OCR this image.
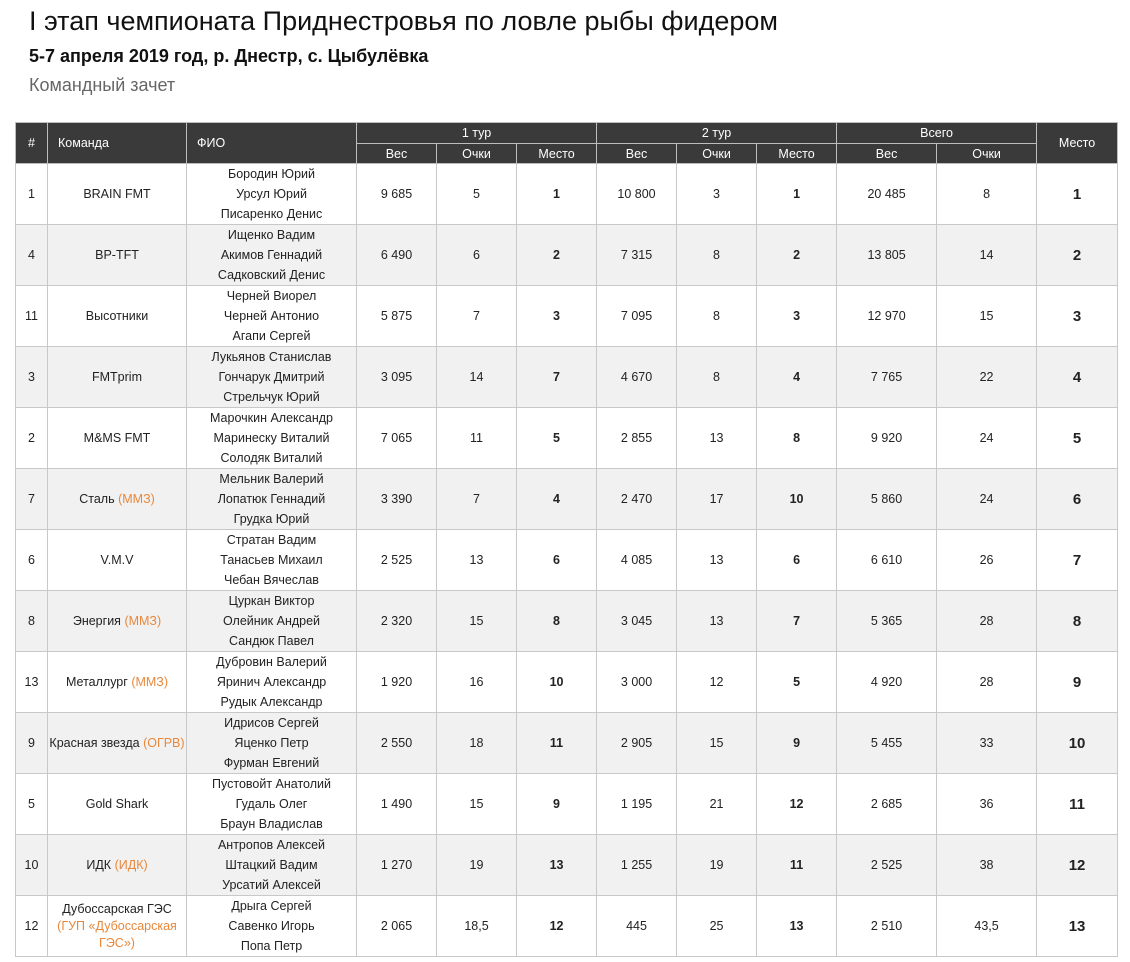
I этап чемпионата Приднестровья по ловле рыбы фидером
5-7 апреля 2019 год, р. Днестр, с. Цыбулёвка
Командный зачет
#	Команда	ФИО	1 тур			2 тур			Всего		Место
			Вес	Очки	Место	Вес	Очки	Место	Вес	Очки	
1	BRAIN FMT	Бородин Юрий
Урсул Юрий
Писаренко Денис	9 685	5	1	10 800	3	1	20 485	8	1
4	BP-TFT	Ищенко Вадим
Акимов Геннадий
Садковский Денис	6 490	6	2	7 315	8	2	13 805	14	2
11	Высотники	Черней Виорел
Черней Антонио
Агапи Сергей	5 875	7	3	7 095	8	3	12 970	15	3
3	FMTprim	Лукьянов Станислав
Гончарук Дмитрий
Стрельчук Юрий	3 095	14	7	4 670	8	4	7 765	22	4
2	M&MS FMT	Марочкин Александр
Маринеску Виталий
Солодяк Виталий	7 065	11	5	2 855	13	8	9 920	24	5
7	Сталь (ММЗ)	Мельник Валерий
Лопатюк Геннадий
Грудка Юрий	3 390	7	4	2 470	17	10	5 860	24	6
6	V.M.V	Стратан Вадим
Танасьев Михаил
Чебан Вячеслав	2 525	13	6	4 085	13	6	6 610	26	7
8	Энергия (ММЗ)	Цуркан Виктор
Олейник Андрей
Сандюк Павел	2 320	15	8	3 045	13	7	5 365	28	8
13	Металлург (ММЗ)	Дубровин Валерий
Яринич Александр
Рудык Александр	1 920	16	10	3 000	12	5	4 920	28	9
9	Красная звезда (ОГРВ)	Идрисов Сергей
Яценко Петр
Фурман Евгений	2 550	18	11	2 905	15	9	5 455	33	10
5	Gold Shark	Пустовойт Анатолий
Гудаль Олег
Браун Владислав	1 490	15	9	1 195	21	12	2 685	36	11
10	ИДК (ИДК)	Антропов Алексей
Штацкий Вадим
Урсатий Алексей	1 270	19	13	1 255	19	11	2 525	38	12
12	Дубоссарская ГЭС (ГУП «Дубоссарская ГЭС»)	Дрыга Сергей
Савенко Игорь
Попа Петр	2 065	18,5	12	445	25	13	2 510	43,5	13
